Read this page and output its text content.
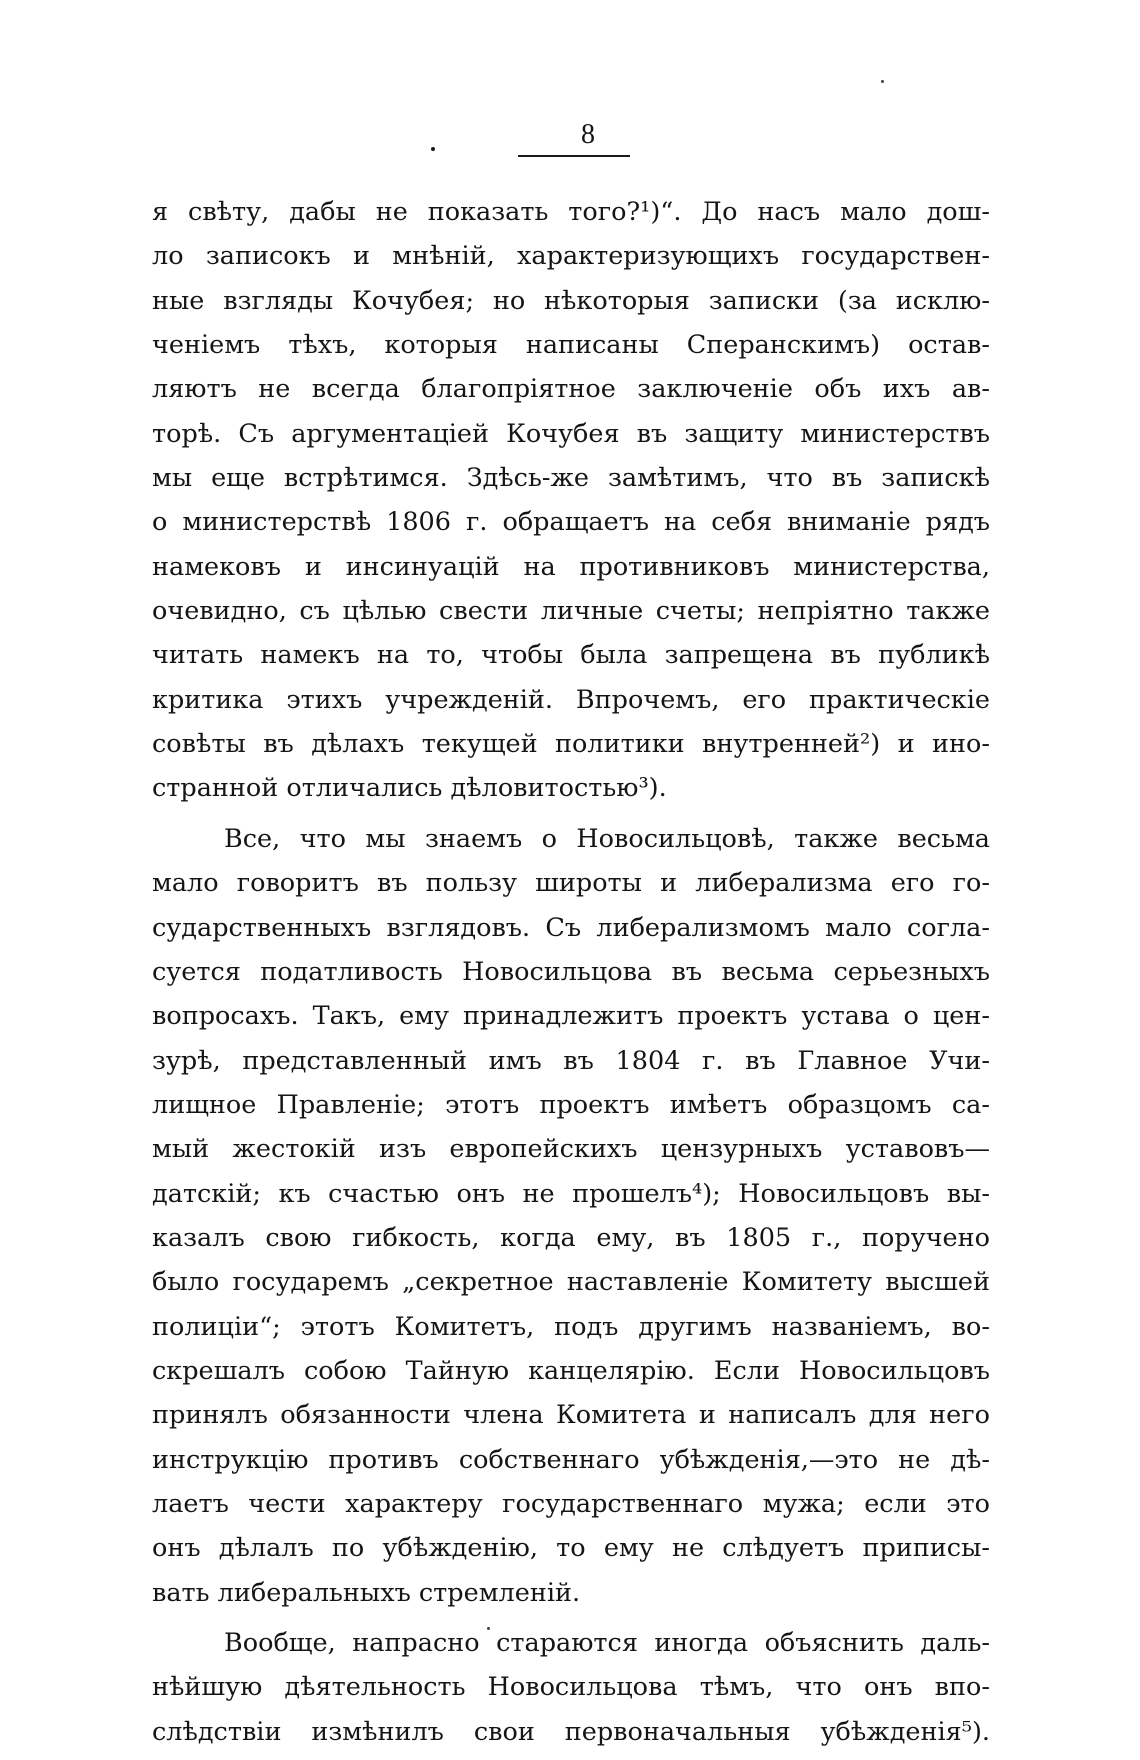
8
я свѣту, дабы не показать того?¹)“. До насъ мало дош-
ло записокъ и мнѣній, характеризующихъ государствен-
ные взгляды Кочубея; но нѣкоторыя записки (за исклю-
ченіемъ тѣхъ, которыя написаны Сперанскимъ) остав-
ляютъ не всегда благопріятное заключеніе объ ихъ ав-
торѣ. Съ аргументаціей Кочубея въ защиту министерствъ
мы еще встрѣтимся. Здѣсь-же замѣтимъ, что въ запискѣ
о министерствѣ 1806 г. обращаетъ на себя вниманіе рядъ
намековъ и инсинуацій на противниковъ министерства,
очевидно, съ цѣлью свести личные счеты; непріятно также
читать намекъ на то, чтобы была запрещена въ публикѣ
критика этихъ учрежденій. Впрочемъ, его практическіе
совѣты въ дѣлахъ текущей политики внутренней²) и ино-
странной отличались дѣловитостью³).
Все, что мы знаемъ о Новосильцовѣ, также весьма
мало говоритъ въ пользу широты и либерализма его го-
сударственныхъ взглядовъ. Съ либерализмомъ мало согла-
суется податливость Новосильцова въ весьма серьезныхъ
вопросахъ. Такъ, ему принадлежитъ проектъ устава о цен-
зурѣ, представленный имъ въ 1804 г. въ Главное Учи-
лищное Правленіе; этотъ проектъ имѣетъ образцомъ са-
мый жестокій изъ европейскихъ цензурныхъ уставовъ—
датскій; къ счастью онъ не прошелъ⁴); Новосильцовъ вы-
казалъ свою гибкость, когда ему, въ 1805 г., поручено
было государемъ „секретное наставленіе Комитету высшей
полиціи“; этотъ Комитетъ, подъ другимъ названіемъ, во-
скрешалъ собою Тайную канцелярію. Если Новосильцовъ
принялъ обязанности члена Комитета и написалъ для него
инструкцію противъ собственнаго убѣжденія,—это не дѣ-
лаетъ чести характеру государственнаго мужа; если это
онъ дѣлалъ по убѣжденію, то ему не слѣдуетъ приписы-
вать либеральныхъ стремленій.
Вообще, напрасно стараются иногда объяснить даль-
нѣйшую дѣятельность Новосильцова тѣмъ, что онъ впо-
слѣдствіи измѣнилъ свои первоначальныя убѣжденія⁵).
